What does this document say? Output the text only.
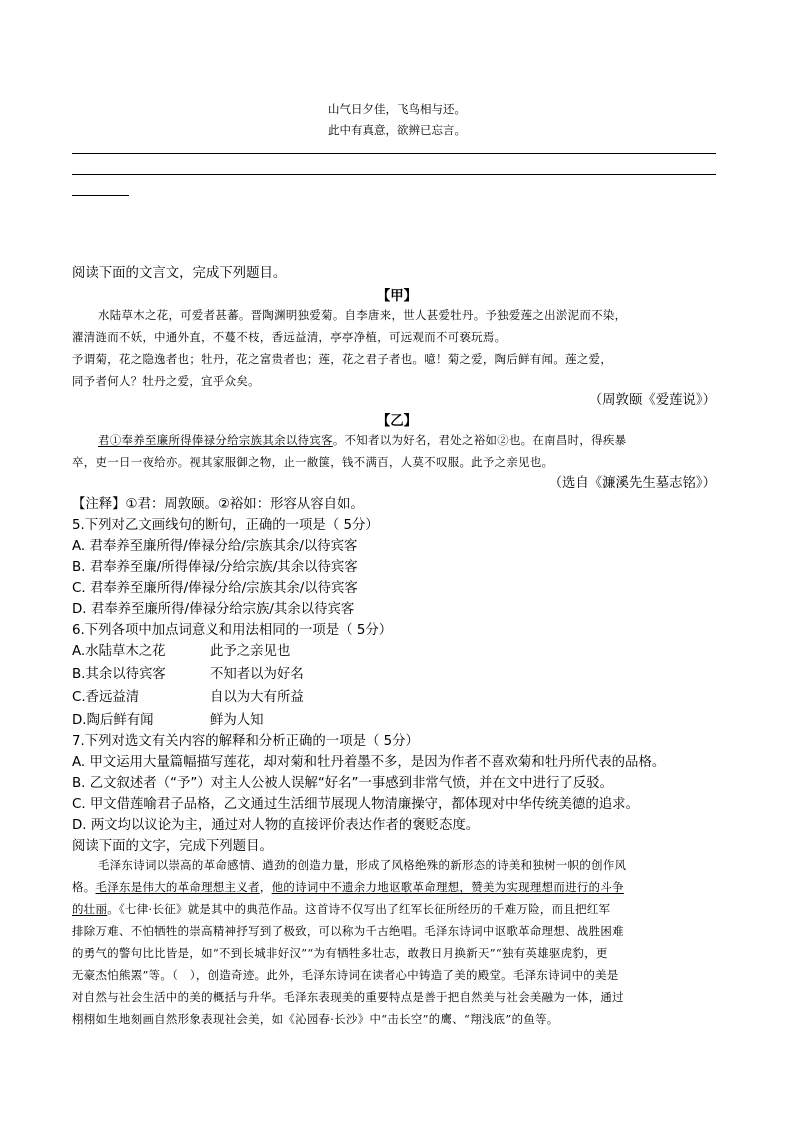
山气日夕佳，飞鸟相与还。
此中有真意，欲辨已忘言。
阅读下面的文言文，完成下列题目。
【甲】
水陆草木之花，可爱者甚蕃。晋陶渊明独爱菊。自李唐来，世人甚爱牡丹。予独爱莲之出淤泥而不染，
濯清涟而不妖，中通外直，不蔓不枝，香远益清，亭亭净植，可远观而不可亵玩焉。
予谓菊，花之隐逸者也；牡丹，花之富贵者也；莲，花之君子者也。噫！菊之爱，陶后鲜有闻。莲之爱，
同予者何人？牡丹之爱，宜乎众矣。
（周敦颐《爱莲说》）
【乙】
君①奉养至廉所得俸禄分给宗族其余以待宾客。不知者以为好名，君处之裕如②也。在南昌时，得疾暴
卒，吏一日一夜给亦。视其家服御之物，止一敝箧，钱不满百，人莫不叹服。此予之亲见也。
（选自《濂溪先生墓志铭》）
【注释】①君：周敦颐。②裕如：形容从容自如。
5.下列对乙文画线句的断句，正确的一项是（ 5分）
A. 君奉养至廉所得/俸禄分给/宗族其余/以待宾客
B. 君奉养至廉/所得俸禄/分给宗族/其余以待宾客
C. 君奉养至廉所得/俸禄分给/宗族其余/以待宾客
D. 君奉养至廉所得/俸禄分给宗族/其余以待宾客
6.下列各项中加点词意义和用法相同的一项是（ 5分）
A.水陆草木之花	此予之亲见也
B.其余以待宾客	不知者以为好名
C.香远益清	自以为大有所益
D.陶后鲜有闻	鲜为人知
7.下列对选文有关内容的解释和分析正确的一项是（ 5分）
A. 甲文运用大量篇幅描写莲花，却对菊和牡丹着墨不多，是因为作者不喜欢菊和牡丹所代表的品格。
B. 乙文叙述者（“予”）对主人公被人误解“好名”一事感到非常气愤，并在文中进行了反驳。
C. 甲文借莲喻君子品格，乙文通过生活细节展现人物清廉操守，都体现对中华传统美德的追求。
D. 两文均以议论为主，通过对人物的直接评价表达作者的褒贬态度。
阅读下面的文字，完成下列题目。
毛泽东诗词以崇高的革命感情、遒劲的创造力量，形成了风格绝殊的新形态的诗美和独树一帜的创作风
格。毛泽东是伟大的革命理想主义者，他的诗词中不遗余力地讴歌革命理想，赞美为实现理想而进行的斗争
的壮丽。《七律·长征》就是其中的典范作品。这首诗不仅写出了红军长征所经历的千难万险，而且把红军
排除万难、不怕牺牲的崇高精神抒写到了极致，可以称为千古绝唱。毛泽东诗词中讴歌革命理想、战胜困难
的勇气的警句比比皆是，如“不到长城非好汉”“为有牺牲多壮志，敢教日月换新天”“独有英雄驱虎豹，更
无豪杰怕熊罴”等。（　），创造奇迹。此外，毛泽东诗词在读者心中铸造了美的殿堂。毛泽东诗词中的美是
对自然与社会生活中的美的概括与升华。毛泽东表现美的重要特点是善于把自然美与社会美融为一体，通过
栩栩如生地刻画自然形象表现社会美，如《沁园春·长沙》中“击长空”的鹰、“翔浅底”的鱼等。
